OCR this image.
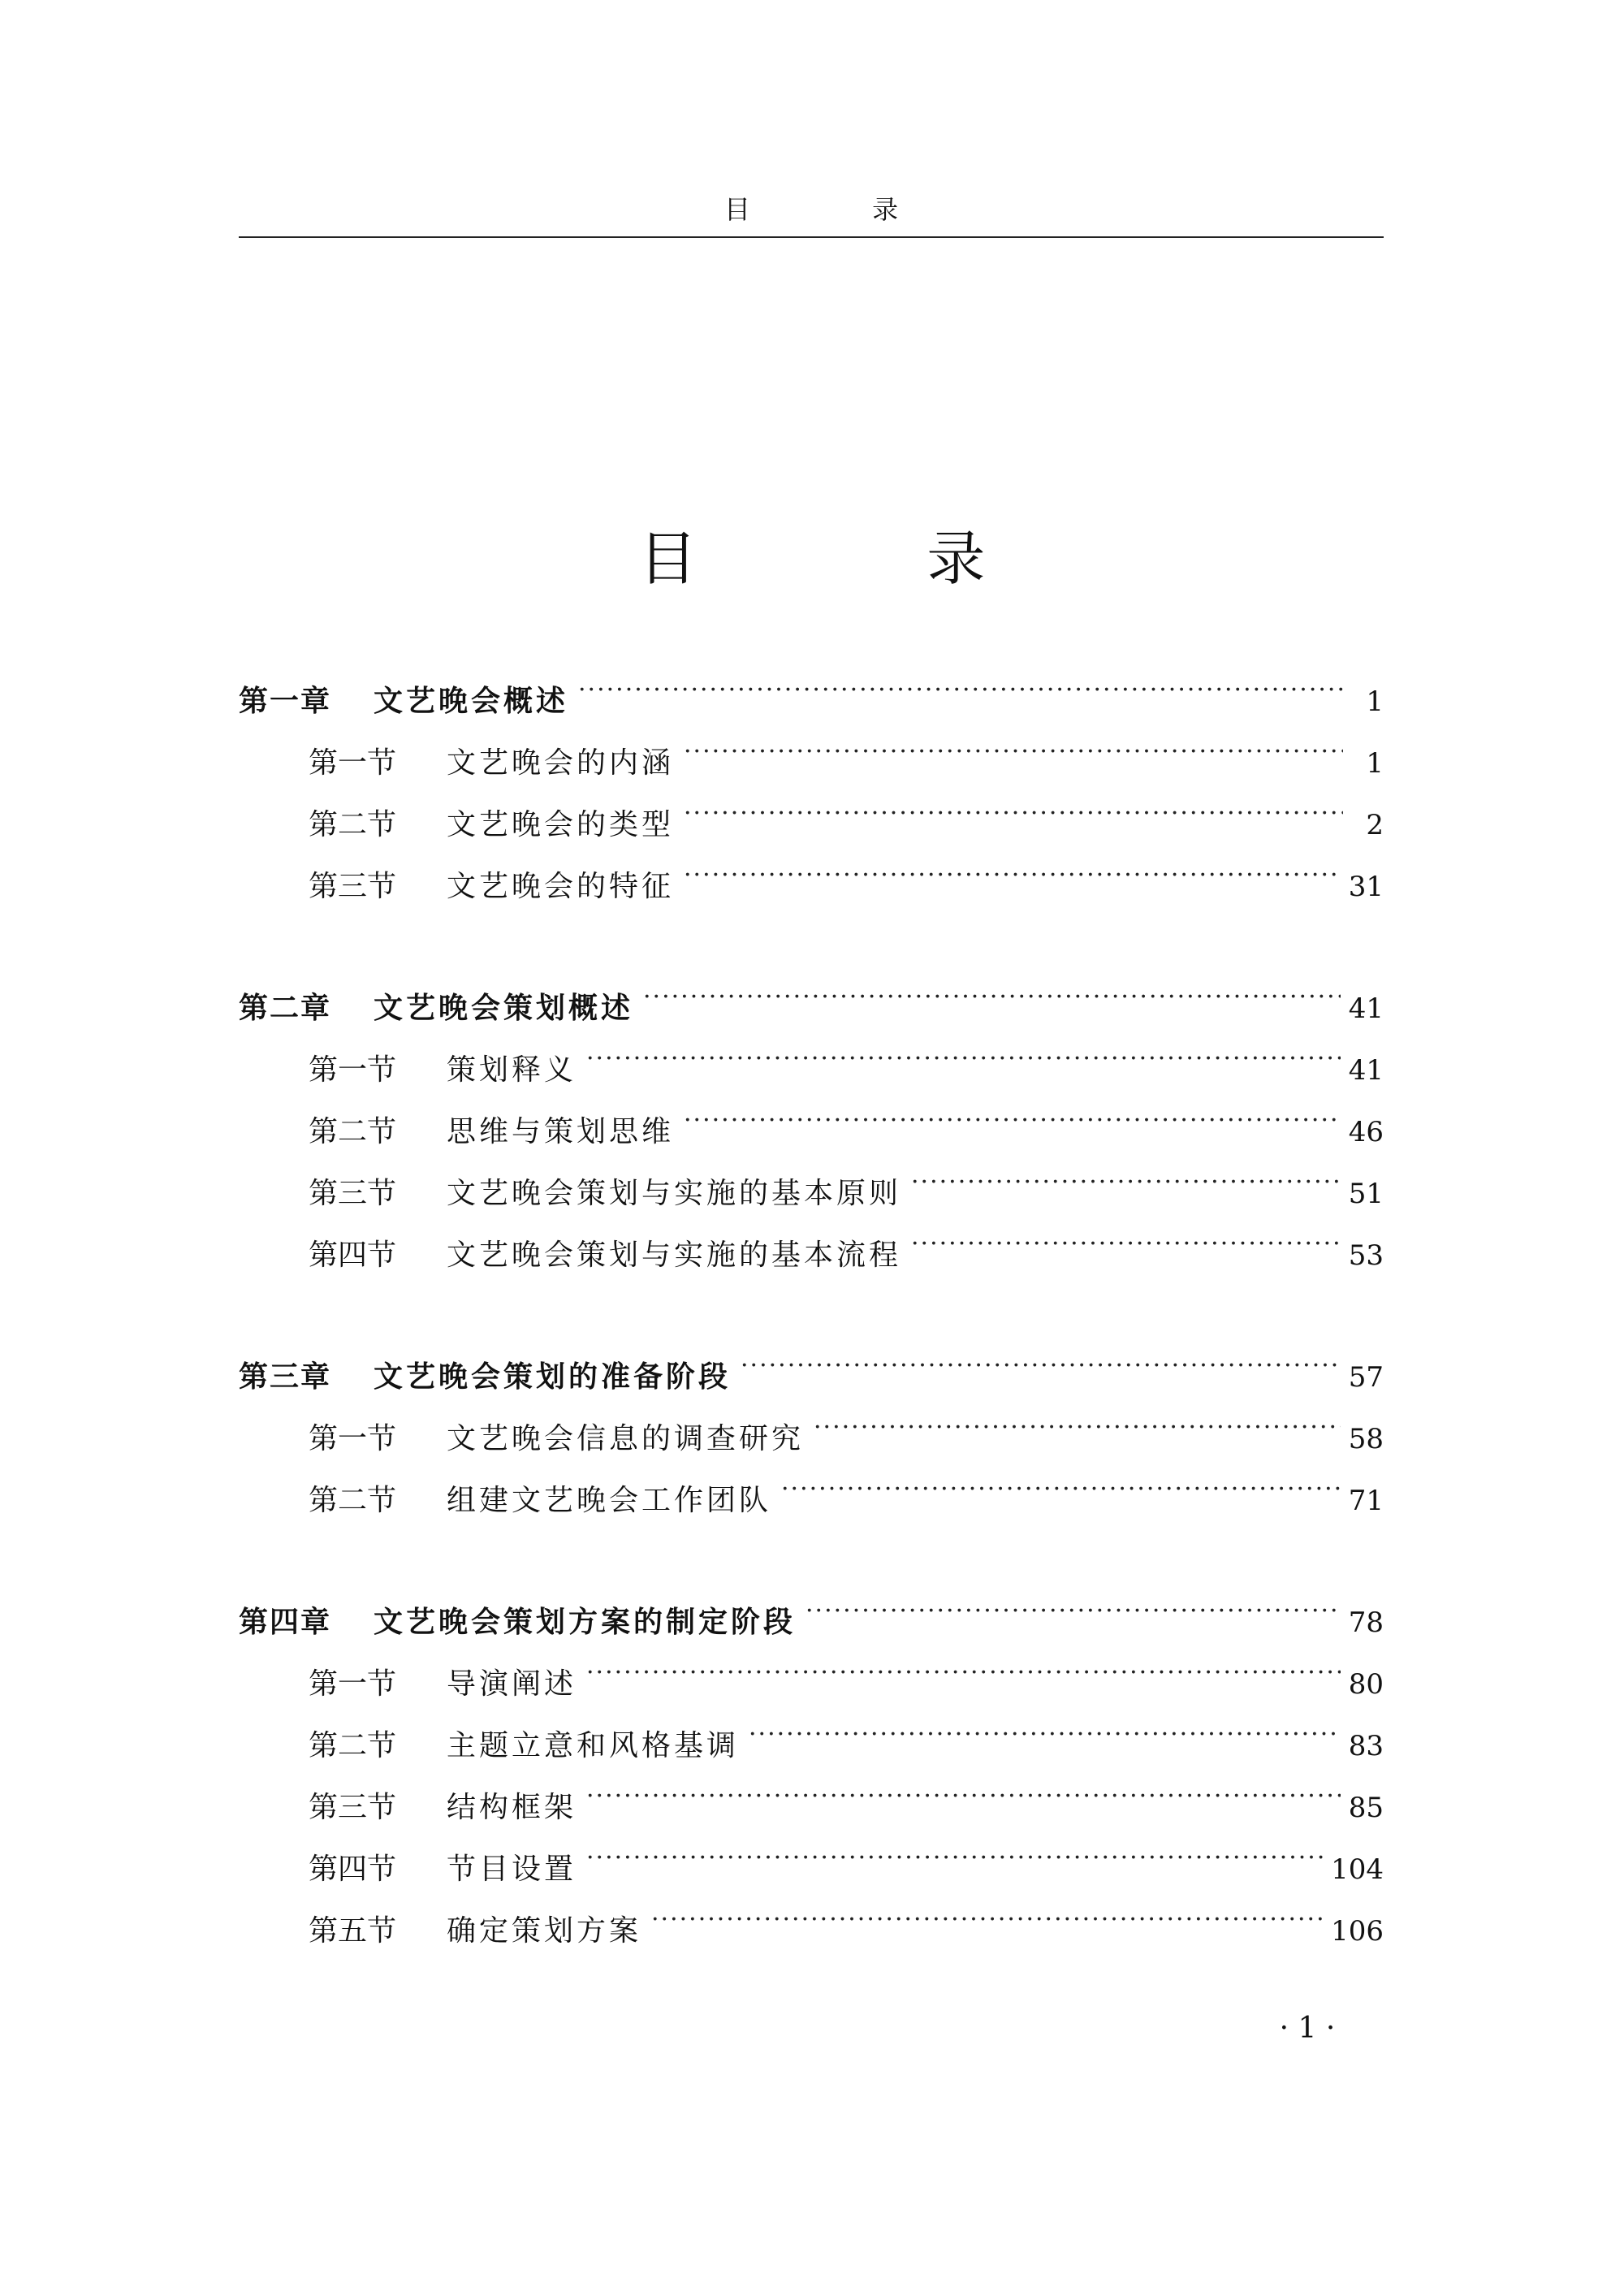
目 录
目 录
第一章	文艺晚会概述 ·····	1
第一节	文艺晚会的内涵 ·····	1
第二节	文艺晚会的类型 ·····	2
第三节	文艺晚会的特征 ·····	31
第二章	文艺晚会策划概述 ·····	41
第一节	策划释义 ·····	41
第二节	思维与策划思维 ·····	46
第三节	文艺晚会策划与实施的基本原则 ·····	51
第四节	文艺晚会策划与实施的基本流程 ·····	53
第三章	文艺晚会策划的准备阶段 ·····	57
第一节	文艺晚会信息的调查研究 ·····	58
第二节	组建文艺晚会工作团队 ·····	71
第四章	文艺晚会策划方案的制定阶段 ·····	78
第一节	导演阐述 ·····	80
第二节	主题立意和风格基调 ·····	83
第三节	结构框架 ·····	85
第四节	节目设置 ·····	104
第五节	确定策划方案 ·····	106
· 1 ·
